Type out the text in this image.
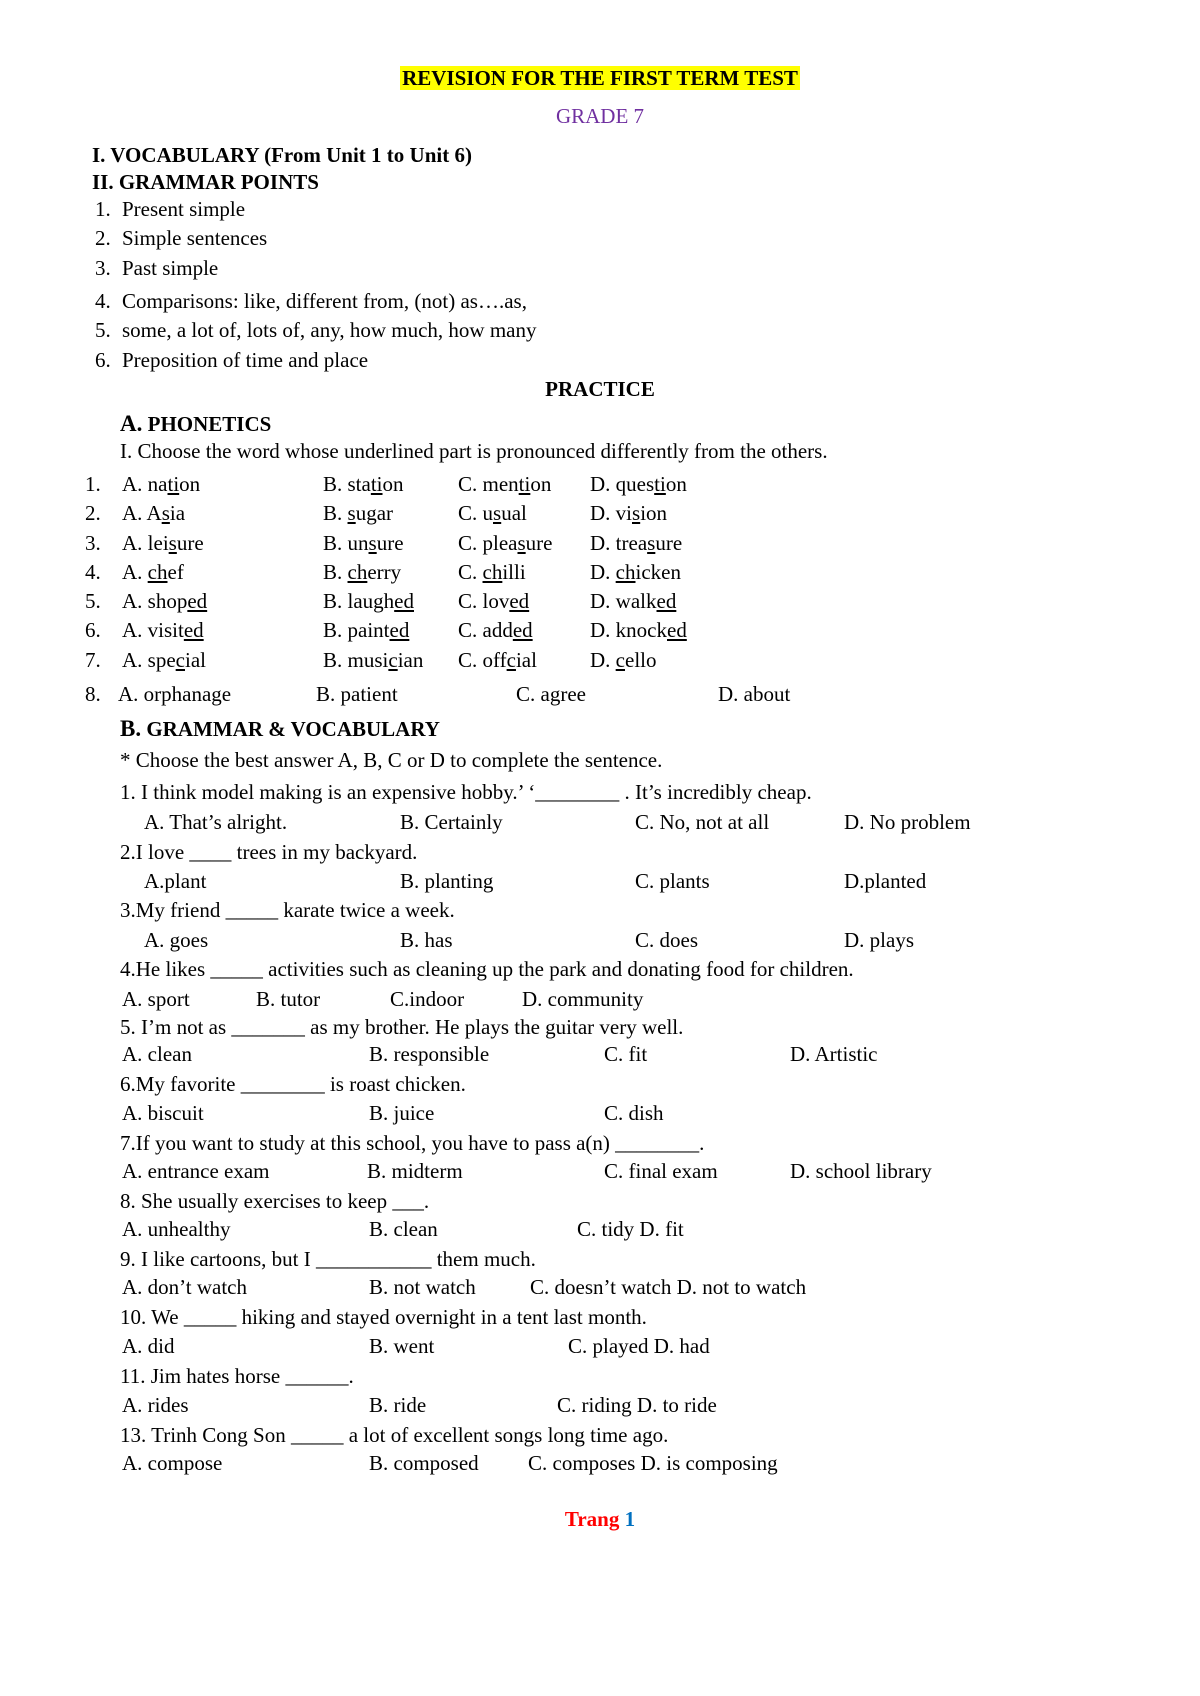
REVISION FOR THE FIRST TERM TEST
GRADE 7
I. VOCABULARY (From Unit 1 to Unit 6)
II. GRAMMAR POINTS
1. Present simple
2. Simple sentences
3. Past simple
4. Comparisons: like, different from, (not) as….as,
5. some, a lot of, lots of, any, how much, how many
6. Preposition of time and place
PRACTICE
A. PHONETICS
I. Choose the word whose underlined part is pronounced differently from the others.
1. A. nation	B. station	C. mention D. question
2. A. Asia	B. sugar	C. usual	D. vision
3. A. leisure	B. unsure	C. pleasure D. treasure
4. A. chef	B. cherry	C. chilli	D. chicken
5. A. shoped	B. laughed C. loved	D. walked
6. A. visited	B. painted C. added	D. knocked
7. A. special	B. musician C. offcial	D. cello
8. A. orphanage	B. patient	C. agree	D. about
B. GRAMMAR & VOCABULARY
* Choose the best answer A, B, C or D to complete the sentence.
1. I think model making is an expensive hobby.’ ‘________ . It’s incredibly cheap.
A. That’s alright.	B. Certainly	C. No, not at all	D. No problem
2.I love ____ trees in my backyard.
A.plant	B. planting	C. plants	D.planted
3.My friend _____ karate twice a week.
A. goes	B. has	C. does	D. plays
4.He likes _____ activities such as cleaning up the park and donating food for children.
A. sport	B. tutor	C.indoor	D. community
5. I’m not as _______ as my brother. He plays the guitar very well.
A. clean	B. responsible	C. fit	D. Artistic
6.My favorite ________ is roast chicken.
A. biscuit	B. juice	C. dish
7.If you want to study at this school, you have to pass a(n) ________.
A. entrance exam	B. midterm	C. final exam	D. school library
8. She usually exercises to keep ___.
A. unhealthy	B. clean	C. tidy D. fit
9. I like cartoons, but I ___________ them much.
A. don’t watch	B. not watch	C. doesn’t watch D. not to watch
10. We _____ hiking and stayed overnight in a tent last month.
A. did	B. went	C. played D. had
11. Jim hates horse ______.
A. rides	B. ride	C. riding D. to ride
13. Trinh Cong Son _____ a lot of excellent songs long time ago.
A. compose	B. composed C. composes D. is composing
Trang 1
